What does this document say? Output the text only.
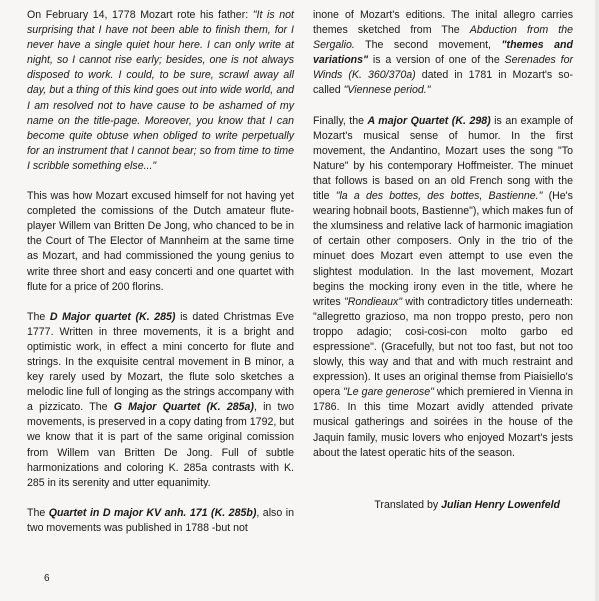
On February 14, 1778 Mozart rote his father: "It is not surprising that I have not been able to finish them, for I never have a single quiet hour here. I can only write at night, so I cannot rise early; besides, one is not always disposed to work. I could, to be sure, scrawl away all day, but a thing of this kind goes out into wide world, and I am resolved not to have cause to be ashamed of my name on the title-page. Moreover, you know that I can become quite obtuse when obliged to write perpetually for an instrument that I cannot bear; so from time to time I scribble something else..."

This was how Mozart excused himself for not having yet completed the comissions of the Dutch amateur flute-player Willem van Britten De Jong, who chanced to be in the Court of The Elector of Mannheim at the same time as Mozart, and had commissioned the young genius to write three short and easy concerti and one quartet with flute for a price of 200 florins.

The D Major quartet (K. 285) is dated Christmas Eve 1777. Written in three movements, it is a bright and optimistic work, in effect a mini concerto for flute and strings. In the exquisite central movement in B minor, a key rarely used by Mozart, the flute solo sketches a melodic line full of longing as the strings accompany with a pizzicato. The G Major Quartet (K. 285a), in two movements, is preserved in a copy dating from 1792, but we know that it is part of the same original comission from Willem van Britten De Jong. Full of subtle harmonizations and coloring K. 285a contrasts with K. 285 in its serenity and utter equanimity.

The Quartet in D major KV anh. 171 (K. 285b), also in two movements was published in 1788 -but not

inone of Mozart's editions. The inital allegro carries themes sketched from The Abduction from the Sergalio. The second movement, "themes and variations" is a version of one of the Serenades for Winds (K. 360/370a) dated in 1781 in Mozart's so-called "Viennese period."

Finally, the A major Quartet (K. 298) is an example of Mozart's musical sense of humor. In the first movement, the Andantino, Mozart uses the song "To Nature" by his contemporary Hoffmeister. The minuet that follows is based on an old French song with the title "la a des bottes, des bottes, Bastienne." (He's wearing hobnail boots, Bastienne"), which makes fun of the xlumsiness and relative lack of harmonic imagiation of certain other composers. Only in the trio of the minuet does Mozart even attempt to use even the slightest modulation. In the last movement, Mozart begins the mocking irony even in the title, where he writes "Rondieaux" with contradictory titles underneath: "allegretto grazioso, ma non troppo presto, pero non troppo adagio; cosi-cosi-con molto garbo ed espressione". (Gracefully, but not too fast, but not too slowly, this way and that and with much restraint and expression). It uses an original themse from Piaisiello's opera "Le gare generose" which premiered in Vienna in 1786. In this time Mozart avidly attended private musical gatherings and soirées in the house of the Jaquin family, music lovers who enjoyed Mozart's jests about the latest operatic hits of the season.

Translated by Julian Henry Lowenfeld
6
